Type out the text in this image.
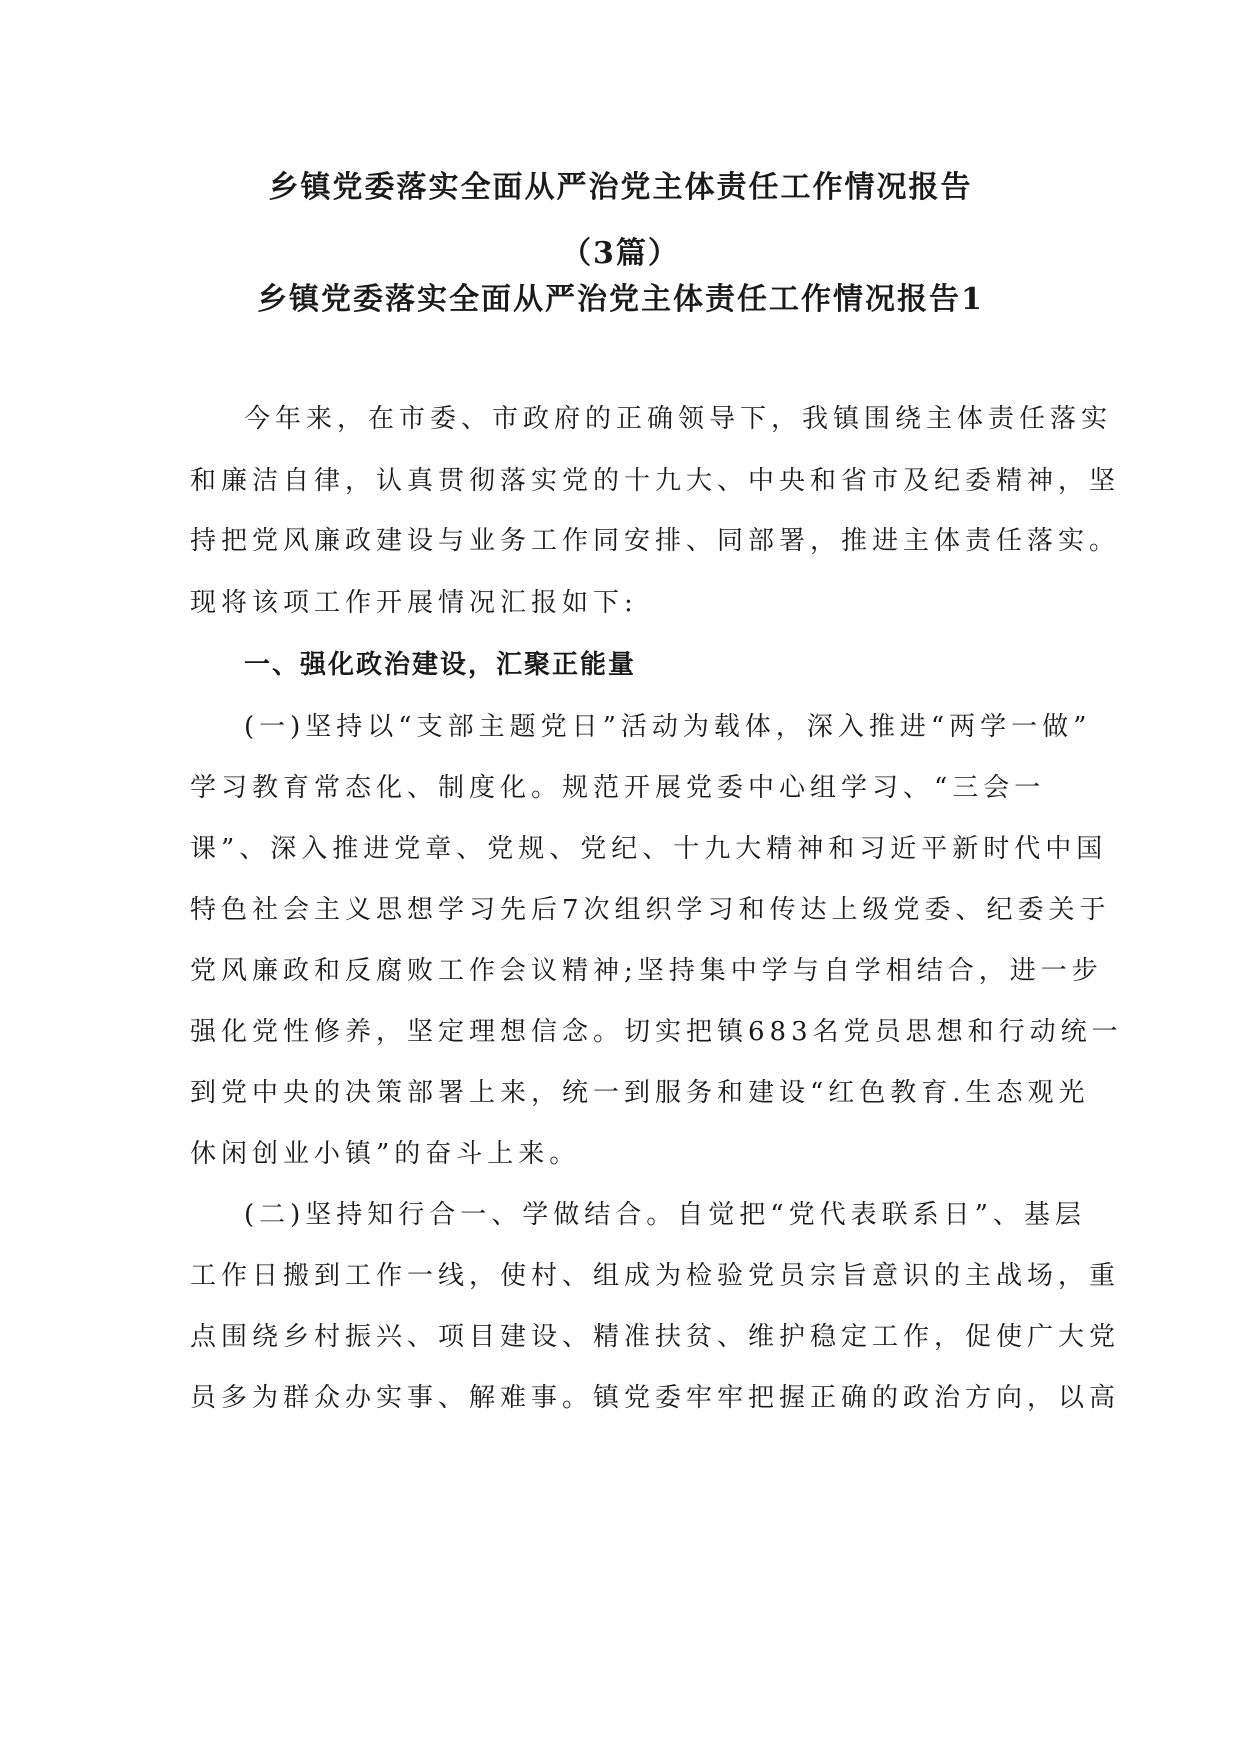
乡镇党委落实全面从严治党主体责任工作情况报告
（3篇）
乡镇党委落实全面从严治党主体责任工作情况报告1

今年来，在市委、市政府的正确领导下，我镇围绕主体责任落实

和廉洁自律，认真贯彻落实党的十九大、中央和省市及纪委精神，坚

持把党风廉政建设与业务工作同安排、同部署，推进主体责任落实。

现将该项工作开展情况汇报如下:

一、强化政治建设，汇聚正能量

(一)坚持以“支部主题党日”活动为载体，深入推进“两学一做”

学习教育常态化、制度化。规范开展党委中心组学习、“三会一

课”、深入推进党章、党规、党纪、十九大精神和习近平新时代中国

特色社会主义思想学习先后7次组织学习和传达上级党委、纪委关于

党风廉政和反腐败工作会议精神;坚持集中学与自学相结合，进一步

强化党性修养，坚定理想信念。切实把镇683名党员思想和行动统一

到党中央的决策部署上来，统一到服务和建设“红色教育.生态观光

休闲创业小镇”的奋斗上来。

(二)坚持知行合一、学做结合。自觉把“党代表联系日”、基层

工作日搬到工作一线，使村、组成为检验党员宗旨意识的主战场，重

点围绕乡村振兴、项目建设、精准扶贫、维护稳定工作，促使广大党

员多为群众办实事、解难事。镇党委牢牢把握正确的政治方向，以高
